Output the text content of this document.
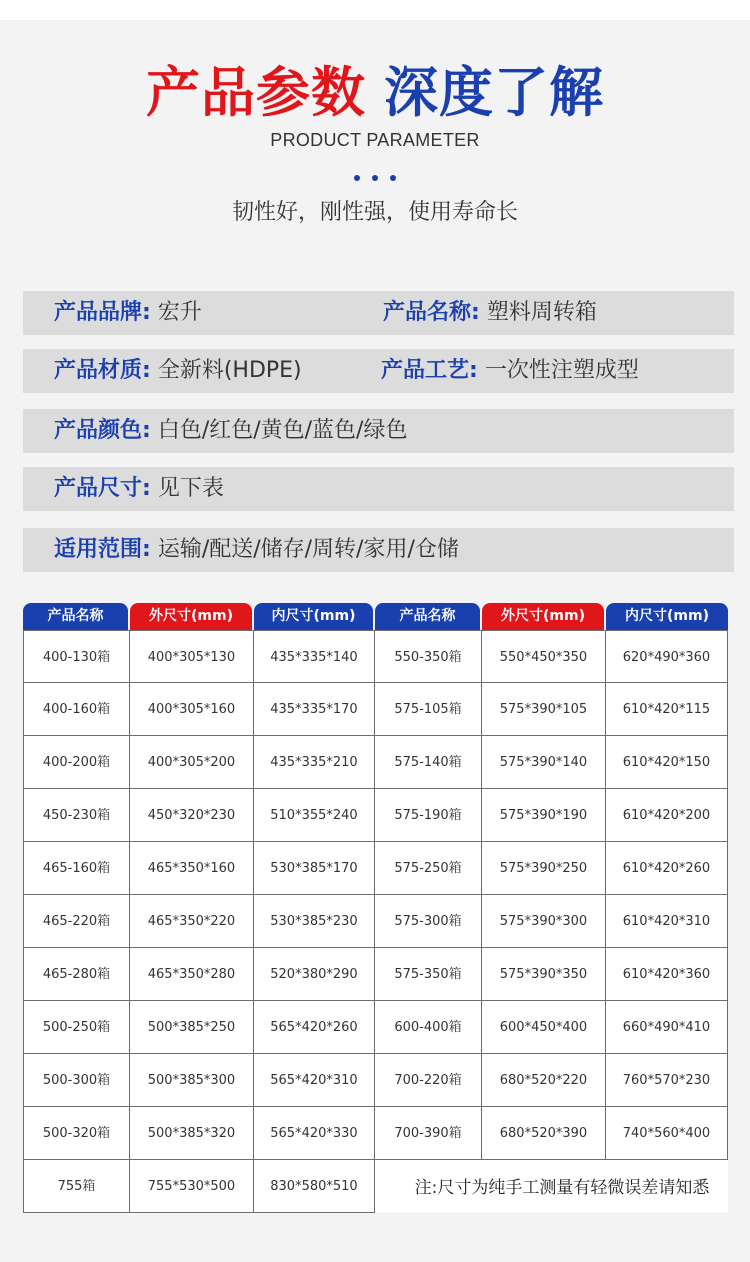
产品参数 深度了解
PRODUCT PARAMETER
韧性好，刚性强，使用寿命长
产品品牌: 宏升	产品名称: 塑料周转箱
产品材质: 全新料(HDPE)	产品工艺: 一次性注塑成型
产品颜色: 白色/红色/黄色/蓝色/绿色
产品尺寸: 见下表
适用范围: 运输/配送/储存/周转/家用/仓储
产品名称	外尺寸(mm)	内尺寸(mm)	产品名称	外尺寸(mm)	内尺寸(mm)
注:尺寸为纯手工测量有轻微误差请知悉
400-130箱	400*305*130	435*335*140	550-350箱	550*450*350	620*490*360
400-160箱	400*305*160	435*335*170	575-105箱	575*390*105	610*420*115
400-200箱	400*305*200	435*335*210	575-140箱	575*390*140	610*420*150
450-230箱	450*320*230	510*355*240	575-190箱	575*390*190	610*420*200
465-160箱	465*350*160	530*385*170	575-250箱	575*390*250	610*420*260
465-220箱	465*350*220	530*385*230	575-300箱	575*390*300	610*420*310
465-280箱	465*350*280	520*380*290	575-350箱	575*390*350	610*420*360
500-250箱	500*385*250	565*420*260	600-400箱	600*450*400	660*490*410
500-300箱	500*385*300	565*420*310	700-220箱	680*520*220	760*570*230
500-320箱	500*385*320	565*420*330	700-390箱	680*520*390	740*560*400
755箱	755*530*500	830*580*510
